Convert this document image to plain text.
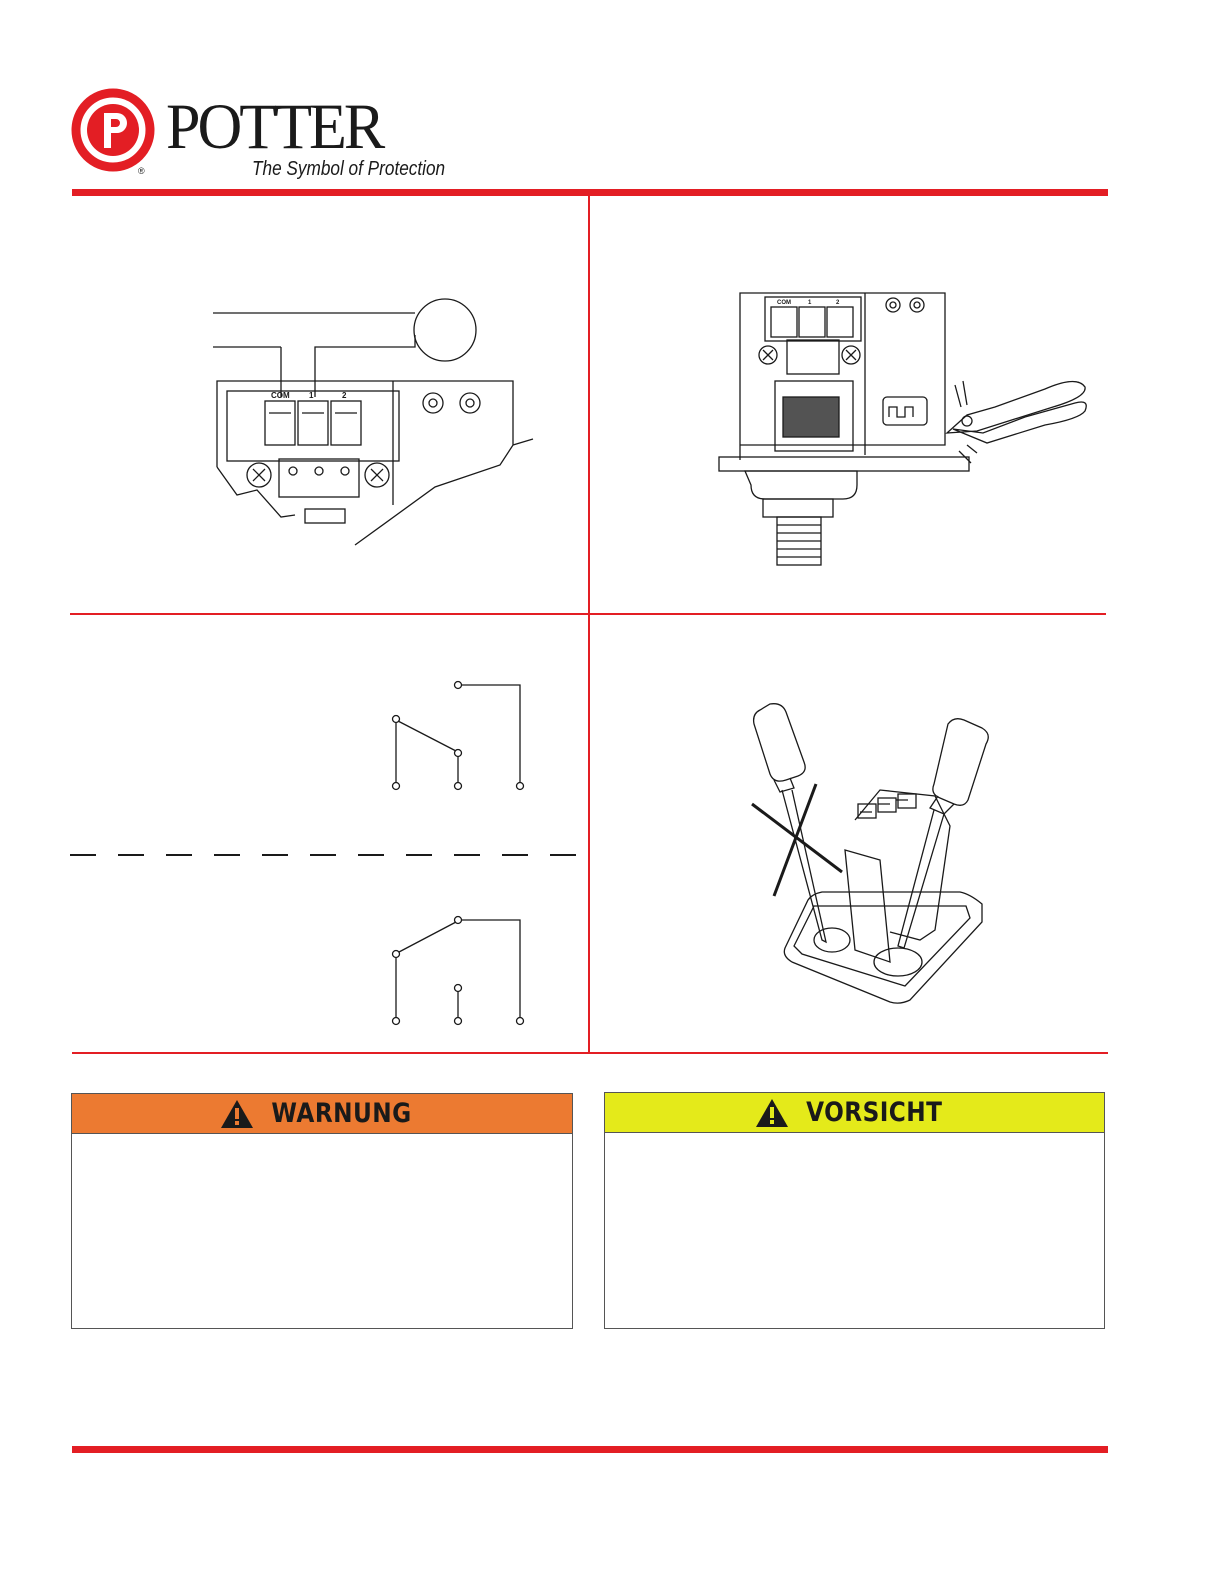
POTTER
The Symbol of Protection
®
COM 1	2
COM	1	2
WARNUNG	VORSICHT
